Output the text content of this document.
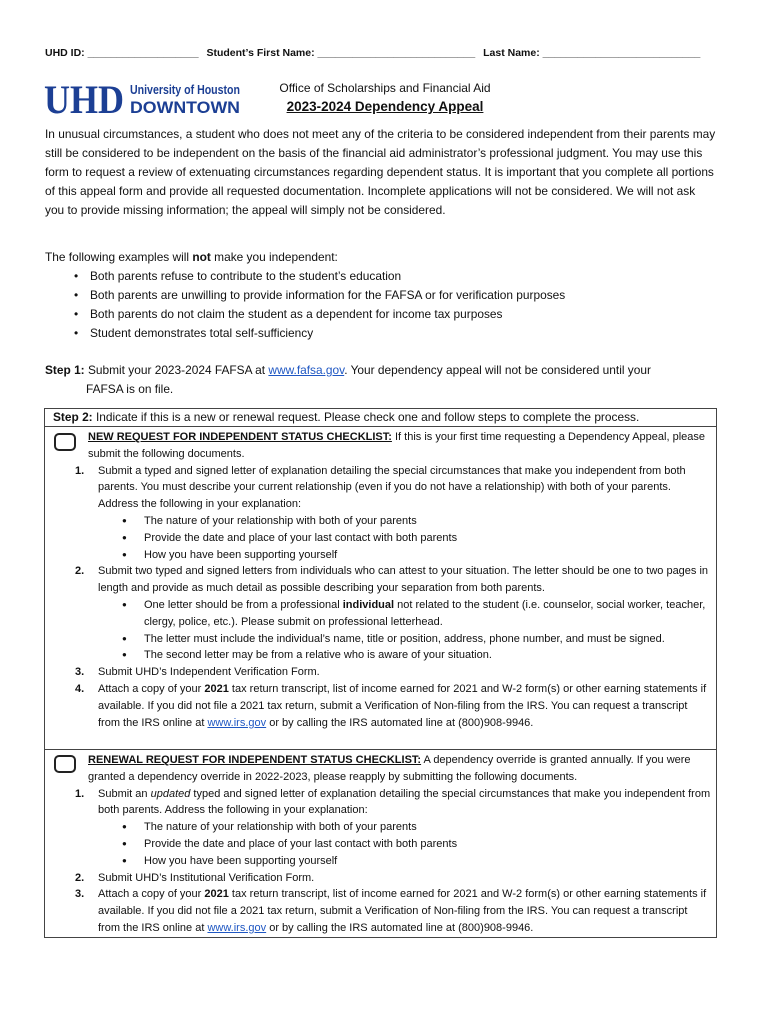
UHD ID: ___________________ Student’s First Name: ___________________________ Last Name: ___________________________
UHD University of Houston
DOWNTOWN
Office of Scholarships and Financial Aid
2023-2024 Dependency Appeal

In unusual circumstances, a student who does not meet any of the criteria to be considered independent from their parents may still be considered to be independent on the basis of the financial aid administrator’s professional judgment. You may use this form to request a review of extenuating circumstances regarding dependent status. It is important that you complete all portions of this appeal form and provide all requested documentation. Incomplete applications will not be considered. We will not ask you to provide missing information; the appeal will simply not be considered.

The following examples will not make you independent:
• Both parents refuse to contribute to the student’s education
• Both parents are unwilling to provide information for the FAFSA or for verification purposes
• Both parents do not claim the student as a dependent for income tax purposes
• Student demonstrates total self-sufficiency
Step 1: Submit your 2023-2024 FAFSA at www.fafsa.gov. Your dependency appeal will not be considered until your
FAFSA is on file.
Step 2: Indicate if this is a new or renewal request. Please check one and follow steps to complete the process.
NEW REQUEST FOR INDEPENDENT STATUS CHECKLIST: If this is your first time requesting a Dependency Appeal, please submit the following documents.
1. Submit a typed and signed letter of explanation detailing the special circumstances that make you independent from both parents. You must describe your current relationship (even if you do not have a relationship) with both of your parents. Address the following in your explanation:
● The nature of your relationship with both of your parents
● Provide the date and place of your last contact with both parents
● How you have been supporting yourself
2. Submit two typed and signed letters from individuals who can attest to your situation. The letter should be one to two pages in length and provide as much detail as possible describing your separation from both parents.
● One letter should be from a professional individual not related to the student (i.e. counselor, social worker, teacher, clergy, police, etc.). Please submit on professional letterhead.
● The letter must include the individual’s name, title or position, address, phone number, and must be signed.
● The second letter may be from a relative who is aware of your situation.
3. Submit UHD’s Independent Verification Form.
4. Attach a copy of your 2021 tax return transcript, list of income earned for 2021 and W-2 form(s) or other earning statements if available. If you did not file a 2021 tax return, submit a Verification of Non-filing from the IRS. You can request a transcript from the IRS online at www.irs.gov or by calling the IRS automated line at (800)908-9946.
RENEWAL REQUEST FOR INDEPENDENT STATUS CHECKLIST: A dependency override is granted annually. If you were granted a dependency override in 2022-2023, please reapply by submitting the following documents.
1. Submit an updated typed and signed letter of explanation detailing the special circumstances that make you independent from both parents. Address the following in your explanation:
● The nature of your relationship with both of your parents
● Provide the date and place of your last contact with both parents
● How you have been supporting yourself
2. Submit UHD’s Institutional Verification Form.
3. Attach a copy of your 2021 tax return transcript, list of income earned for 2021 and W-2 form(s) or other earning statements if available. If you did not file a 2021 tax return, submit a Verification of Non-filing from the IRS. You can request a transcript from the IRS online at www.irs.gov or by calling the IRS automated line at (800)908-9946.
